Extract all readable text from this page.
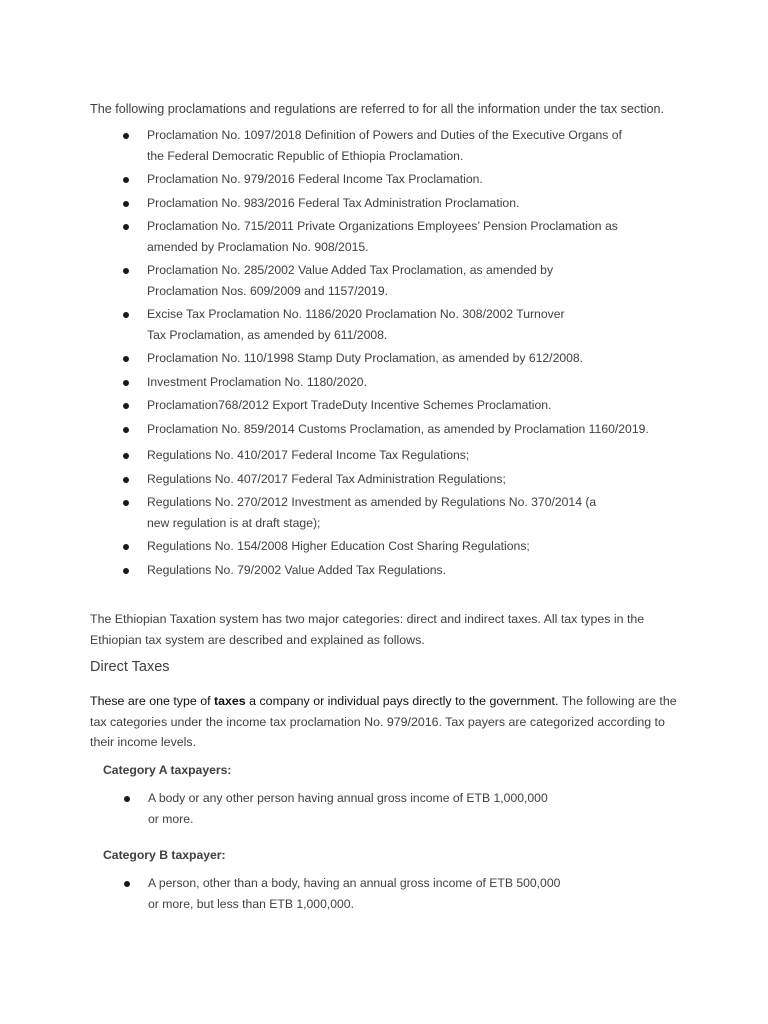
The following proclamations and regulations are referred to for all the information under the tax section.

Proclamation No. 1097/2018 Definition of Powers and Duties of the Executive Organs of
the Federal Democratic Republic of Ethiopia Proclamation.
Proclamation No. 979/2016 Federal Income Tax Proclamation.
Proclamation No. 983/2016 Federal Tax Administration Proclamation.
Proclamation No. 715/2011 Private Organizations Employees’ Pension Proclamation as
amended by Proclamation No. 908/2015.
Proclamation No. 285/2002 Value Added Tax Proclamation, as amended by
Proclamation Nos. 609/2009 and 1157/2019.
Excise Tax Proclamation No. 1186/2020 Proclamation No. 308/2002 Turnover
Tax Proclamation, as amended by 611/2008.
Proclamation No. 110/1998 Stamp Duty Proclamation, as amended by 612/2008.
Investment Proclamation No. 1180/2020.
Proclamation768/2012 Export TradeDuty Incentive Schemes Proclamation.
Proclamation No. 859/2014 Customs Proclamation, as amended by Proclamation 1160/2019.
Regulations No. 410/2017 Federal Income Tax Regulations;
Regulations No. 407/2017 Federal Tax Administration Regulations;
Regulations No. 270/2012 Investment as amended by Regulations No. 370/2014 (a
new regulation is at draft stage);
Regulations No. 154/2008 Higher Education Cost Sharing Regulations;
Regulations No. 79/2002 Value Added Tax Regulations.

The Ethiopian Taxation system has two major categories: direct and indirect taxes. All tax types in the Ethiopian tax system are described and explained as follows.

Direct Taxes

These are one type of taxes a company or individual pays directly to the government. The following are the tax categories under the income tax proclamation No. 979/2016. Tax payers are categorized according to their income levels.

Category A taxpayers:

A body or any other person having annual gross income of ETB 1,000,000
or more.

Category B taxpayer:

A person, other than a body, having an annual gross income of ETB 500,000
or more, but less than ETB 1,000,000.
